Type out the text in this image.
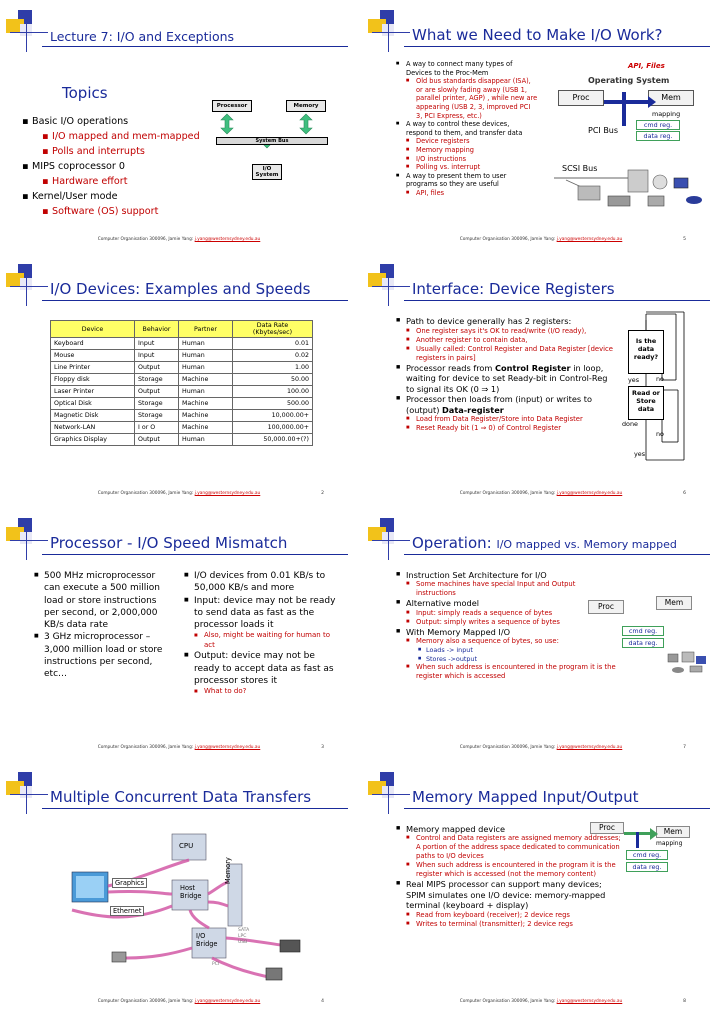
Lecture 7: I/O and Exceptions
Topics
▪ Basic I/O operations
▪ I/O mapped and mem-mapped
▪ Polls and interrupts
▪ MIPS coprocessor 0
▪ Hardware effort
▪ Kernel/User mode
▪ Software (OS) support
Processor	Memory
System Bus
I/O System
Computer Organisation 300096, Jamie Yang: j.yang@westernsydney.edu.au
What we Need to Make I/O Work?
■ A way to connect many types of Devices to the Proc-Mem
■ Old bus standards disappear (ISA), or are slowly fading away (USB 1, parallel printer, AGP) , while new are appearing (USB 2, 3, improved PCI 3, PCI Express, etc.)
■ A way to control these devices, respond to them, and transfer data
■ Device registers
■ Memory mapping
■ I/O instructions
■ Polling vs. interrupt
■ A way to present them to user programs so they are useful
■ API, files
API, Files
Operating System
Proc	Mem
mapping
PCI Bus
cmd reg.
data reg.
SCSI Bus
Computer Organisation 300096, Jamie Yang: j.yang@westernsydney.edu.au	5
I/O Devices: Examples and Speeds
Device	Behavior	Partner	Data Rate
(Kbytes/sec)
Keyboard	Input	Human	0.01
Mouse	Input	Human	0.02
Line Printer	Output	Human	1.00
Floppy disk	Storage	Machine	50.00
Laser Printer	Output	Human	100.00
Optical Disk	Storage	Machine	500.00
Magnetic Disk	Storage	Machine	10,000.00+
Network-LAN	I or O	Machine	100,000.00+
Graphics Display	Output	Human	50,000.00+(?)
Computer Organisation 300096, Jamie Yang: j.yang@westernsydney.edu.au	2
Interface: Device Registers
■ Path to device generally has 2 registers:
■ One register says it's OK to read/write (I/O ready),
■ Another register to contain data,
■ Usually called: Control Register and Data Register [device registers in pairs]
■ Processor reads from Control Register in loop, waiting for device to set Ready-bit in Control-Reg to signal its OK (0 ⇒ 1)
■ Processor then loads from (input) or writes to (output) Data-register
■ Load from Data Register/Store into Data Register
■ Reset Ready bit (1 ⇒ 0) of Control Register
Is the data ready?
yes	no
Read or Store data
done
no
yes
Computer Organisation 300096, Jamie Yang: j.yang@westernsydney.edu.au	6
Processor - I/O Speed Mismatch
■ 500 MHz microprocessor can execute a 500 million load or store instructions per second, or 2,000,000 KB/s data rate
■ 3 GHz microprocessor – 3,000 million load or store instructions per second, etc…
■ I/O devices from 0.01 KB/s to 50,000 KB/s and more
■ Input: device may not be ready to send data as fast as the processor loads it
■ Also, might be waiting for human to act
■ Output: device may not be ready to accept data as fast as processor stores it
■ What to do?
Computer Organisation 300096, Jamie Yang: j.yang@westernsydney.edu.au	3
Operation: I/O mapped vs. Memory mapped
■ Instruction Set Architecture for I/O
■ Some machines have special Input and Output instructions
■ Alternative model
■ Input: simply reads a sequence of bytes
■ Output: simply writes a sequence of bytes
■ With Memory Mapped I/O
■ Memory also a sequence of bytes, so use:
■ Loads -> input
■ Stores ->output
■ When such address is encountered in the program it is the register which is accessed
Proc	Mem
cmd reg.
data reg.
Computer Organisation 300096, Jamie Yang: j.yang@westernsydney.edu.au	7
Multiple Concurrent Data Transfers
CPU
Graphics
Host Bridge
Memory
Ethernet
I/O Bridge
SATA
LPC
USB
PCI
Computer Organisation 300096, Jamie Yang: j.yang@westernsydney.edu.au	4
Memory Mapped Input/Output
■ Memory mapped device
■ Control and Data registers are assigned memory addresses; A portion of the address space dedicated to communication paths to I/O devices
■ When such address is encountered in the program it is the register which is accessed (not the memory content)
■ Real MIPS processor can support many devices; SPIM simulates one I/O device: memory-mapped terminal (keyboard + display)
■ Read from keyboard (receiver); 2 device regs
■ Writes to terminal (transmitter); 2 device regs
Proc	Mem
mapping
cmd reg.
data reg.
Computer Organisation 300096, Jamie Yang: j.yang@westernsydney.edu.au	8
